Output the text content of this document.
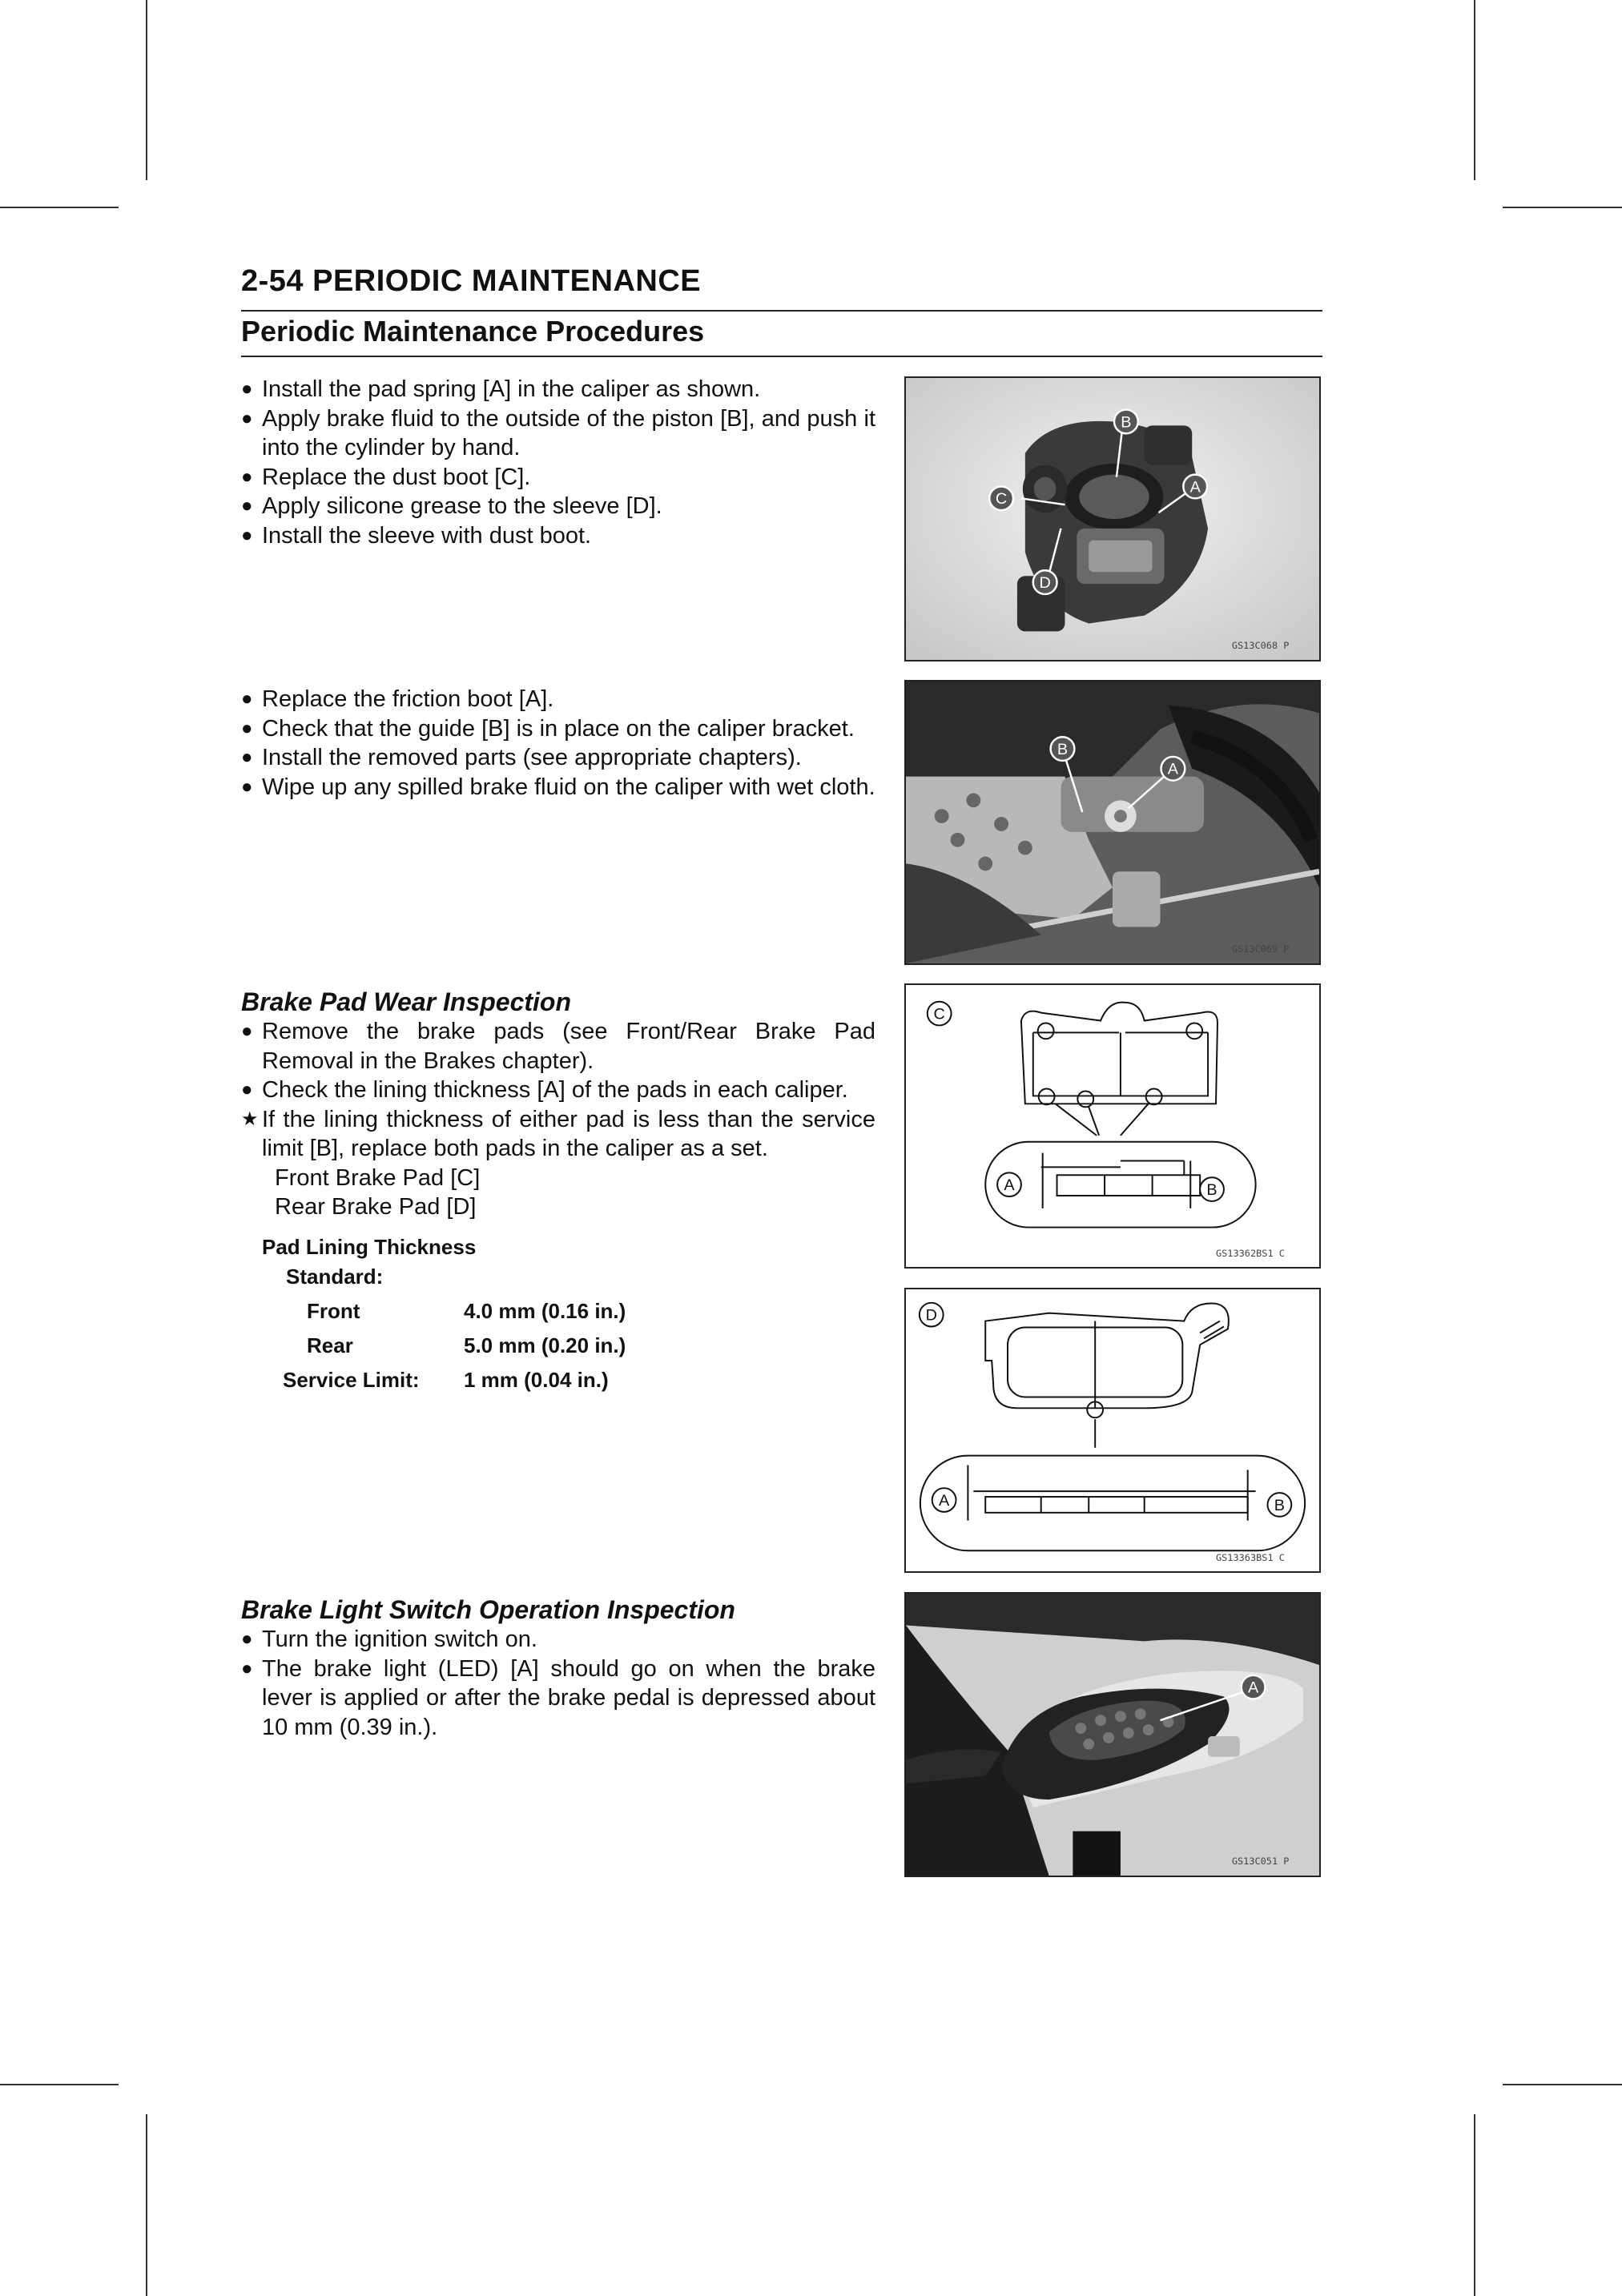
2-54 PERIODIC MAINTENANCE
Periodic Maintenance Procedures
● Install the pad spring [A] in the caliper as shown.
● Apply brake fluid to the outside of the piston [B], and push it into the cylinder by hand.
● Replace the dust boot [C].
● Apply silicone grease to the sleeve [D].
● Install the sleeve with dust boot.
● Replace the friction boot [A].
● Check that the guide [B] is in place on the caliper bracket.
● Install the removed parts (see appropriate chapters).
● Wipe up any spilled brake fluid on the caliper with wet cloth.
Brake Pad Wear Inspection
● Remove the brake pads (see Front/Rear Brake Pad Removal in the Brakes chapter).
● Check the lining thickness [A] of the pads in each caliper.
★ If the lining thickness of either pad is less than the service limit [B], replace both pads in the caliper as a set.
Front Brake Pad [C]
Rear Brake Pad [D]
Pad Lining Thickness
Standard:
Front	4.0 mm (0.16 in.)
Rear	5.0 mm (0.20 in.)
Service Limit:	1 mm (0.04 in.)
Brake Light Switch Operation Inspection
● Turn the ignition switch on.
● The brake light (LED) [A] should go on when the brake lever is applied or after the brake pedal is depressed about 10 mm (0.39 in.).
B
A
C
D
GS13C068 P
B
A
GS13C069 P
C
A	B
GS13362BS1 C
D
A	B
GS13363BS1 C
A
GS13C051 P
